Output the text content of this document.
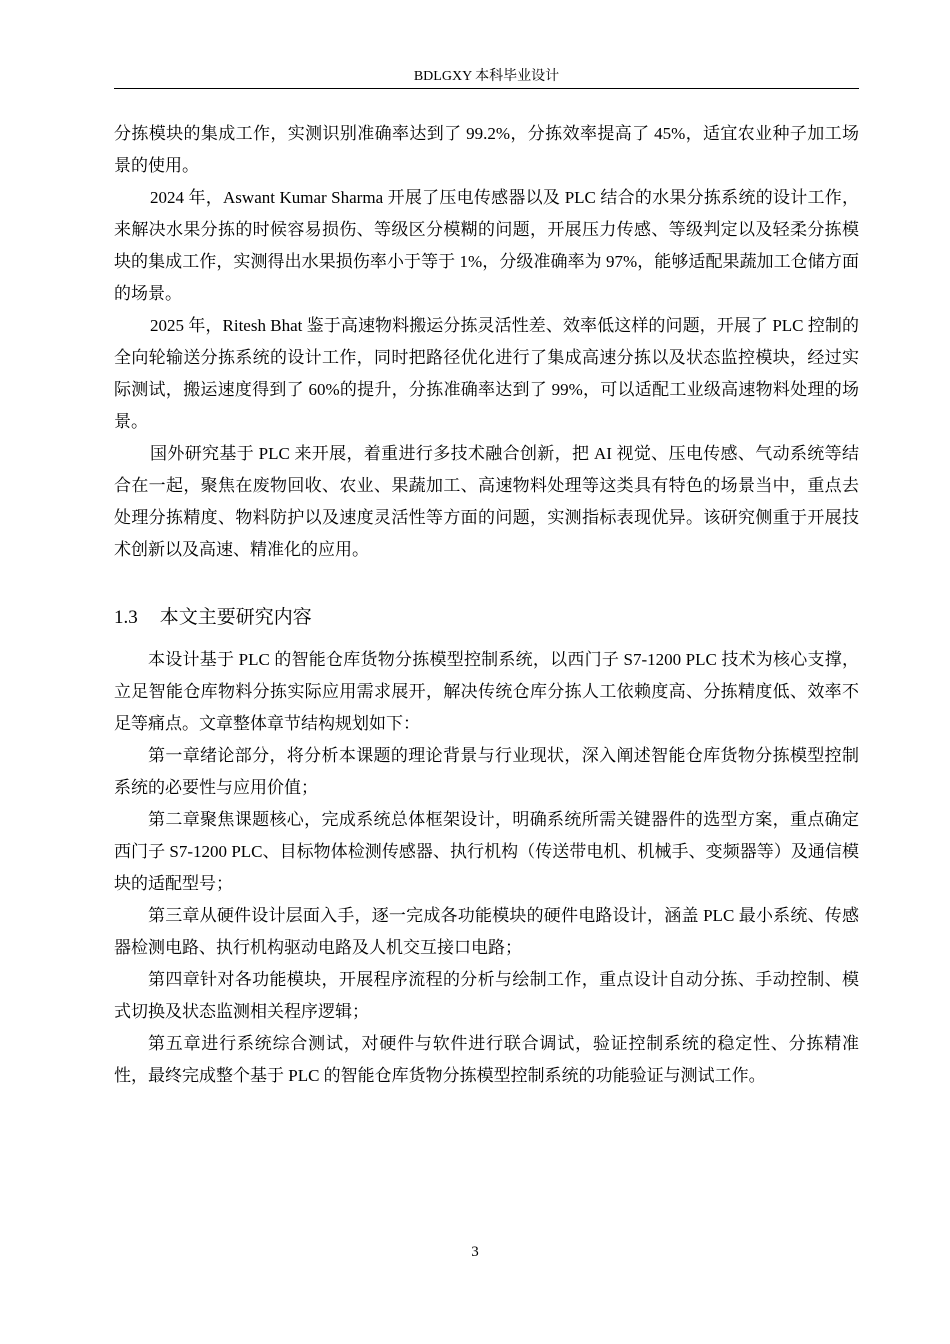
BDLGXY 本科毕业设计

分拣模块的集成工作，实测识别准确率达到了 99.2%，分拣效率提高了 45%，适宜农业种子加工场景的使用。

2024 年，Aswant Kumar Sharma 开展了压电传感器以及 PLC 结合的水果分拣系统的设计工作，来解决水果分拣的时候容易损伤、等级区分模糊的问题，开展压力传感、等级判定以及轻柔分拣模块的集成工作，实测得出水果损伤率小于等于 1%，分级准确率为 97%，能够适配果蔬加工仓储方面的场景。

2025 年，Ritesh Bhat 鉴于高速物料搬运分拣灵活性差、效率低这样的问题，开展了 PLC 控制的全向轮输送分拣系统的设计工作，同时把路径优化进行了集成高速分拣以及状态监控模块，经过实际测试，搬运速度得到了 60%的提升，分拣准确率达到了 99%，可以适配工业级高速物料处理的场景。

国外研究基于 PLC 来开展，着重进行多技术融合创新，把 AI 视觉、压电传感、气动系统等结合在一起，聚焦在废物回收、农业、果蔬加工、高速物料处理等这类具有特色的场景当中，重点去处理分拣精度、物料防护以及速度灵活性等方面的问题，实测指标表现优异。该研究侧重于开展技术创新以及高速、精准化的应用。

1.3 本文主要研究内容

本设计基于 PLC 的智能仓库货物分拣模型控制系统，以西门子 S7-1200 PLC 技术为核心支撑，立足智能仓库物料分拣实际应用需求展开，解决传统仓库分拣人工依赖度高、分拣精度低、效率不足等痛点。文章整体章节结构规划如下：

第一章绪论部分，将分析本课题的理论背景与行业现状，深入阐述智能仓库货物分拣模型控制系统的必要性与应用价值；

第二章聚焦课题核心，完成系统总体框架设计，明确系统所需关键器件的选型方案，重点确定西门子 S7-1200 PLC、目标物体检测传感器、执行机构（传送带电机、机械手、变频器等）及通信模块的适配型号；

第三章从硬件设计层面入手，逐一完成各功能模块的硬件电路设计，涵盖 PLC 最小系统、传感器检测电路、执行机构驱动电路及人机交互接口电路；

第四章针对各功能模块，开展程序流程的分析与绘制工作，重点设计自动分拣、手动控制、模式切换及状态监测相关程序逻辑；

第五章进行系统综合测试，对硬件与软件进行联合调试，验证控制系统的稳定性、分拣精准性，最终完成整个基于 PLC 的智能仓库货物分拣模型控制系统的功能验证与测试工作。

3
